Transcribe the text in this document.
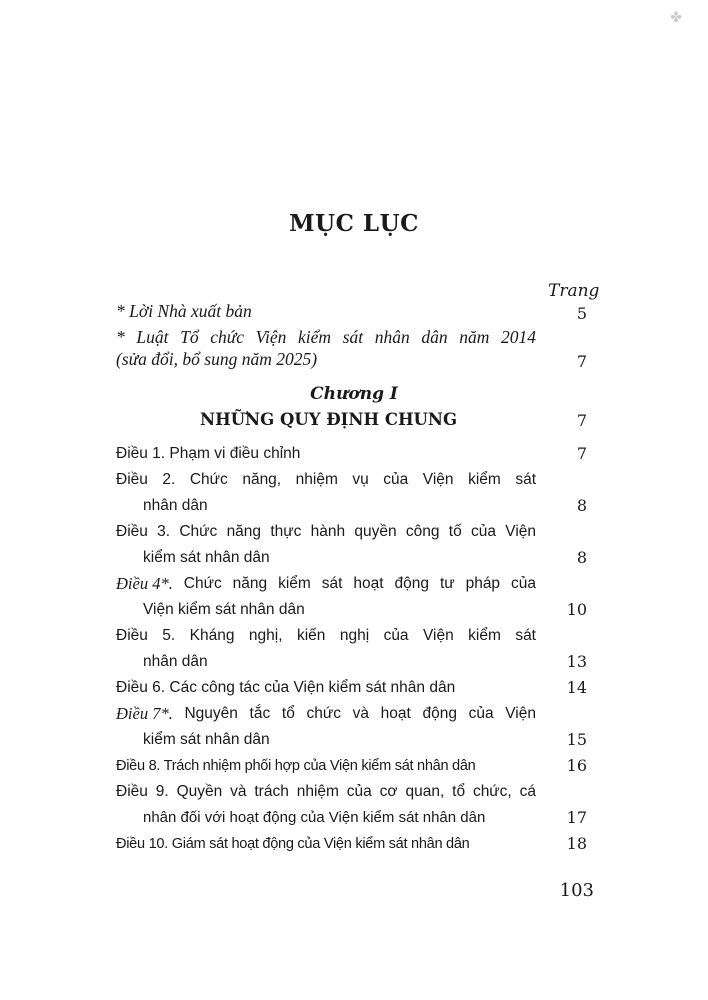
✤
MỤC LỤC
Trang
* Lời Nhà xuất bản	5
* Luật Tổ chức Viện kiểm sát nhân dân năm 2014
(sửa đổi, bổ sung năm 2025)	7
Chương I
NHỮNG QUY ĐỊNH CHUNG	7
Điều 1. Phạm vi điều chỉnh	7
Điều 2. Chức năng, nhiệm vụ của Viện kiểm sát
nhân dân	8
Điều 3. Chức năng thực hành quyền công tố của Viện
kiểm sát nhân dân	8
Điều 4*. Chức năng kiểm sát hoạt động tư pháp của
Viện kiểm sát nhân dân	10
Điều 5. Kháng nghị, kiến nghị của Viện kiểm sát
nhân dân	13
Điều 6. Các công tác của Viện kiểm sát nhân dân	14
Điều 7*. Nguyên tắc tổ chức và hoạt động của Viện
kiểm sát nhân dân	15
Điều 8. Trách nhiệm phối hợp của Viện kiểm sát nhân dân	16
Điều 9. Quyền và trách nhiệm của cơ quan, tổ chức, cá
nhân đối với hoạt động của Viện kiểm sát nhân dân	17
Điều 10. Giám sát hoạt động của Viện kiểm sát nhân dân	18
103
